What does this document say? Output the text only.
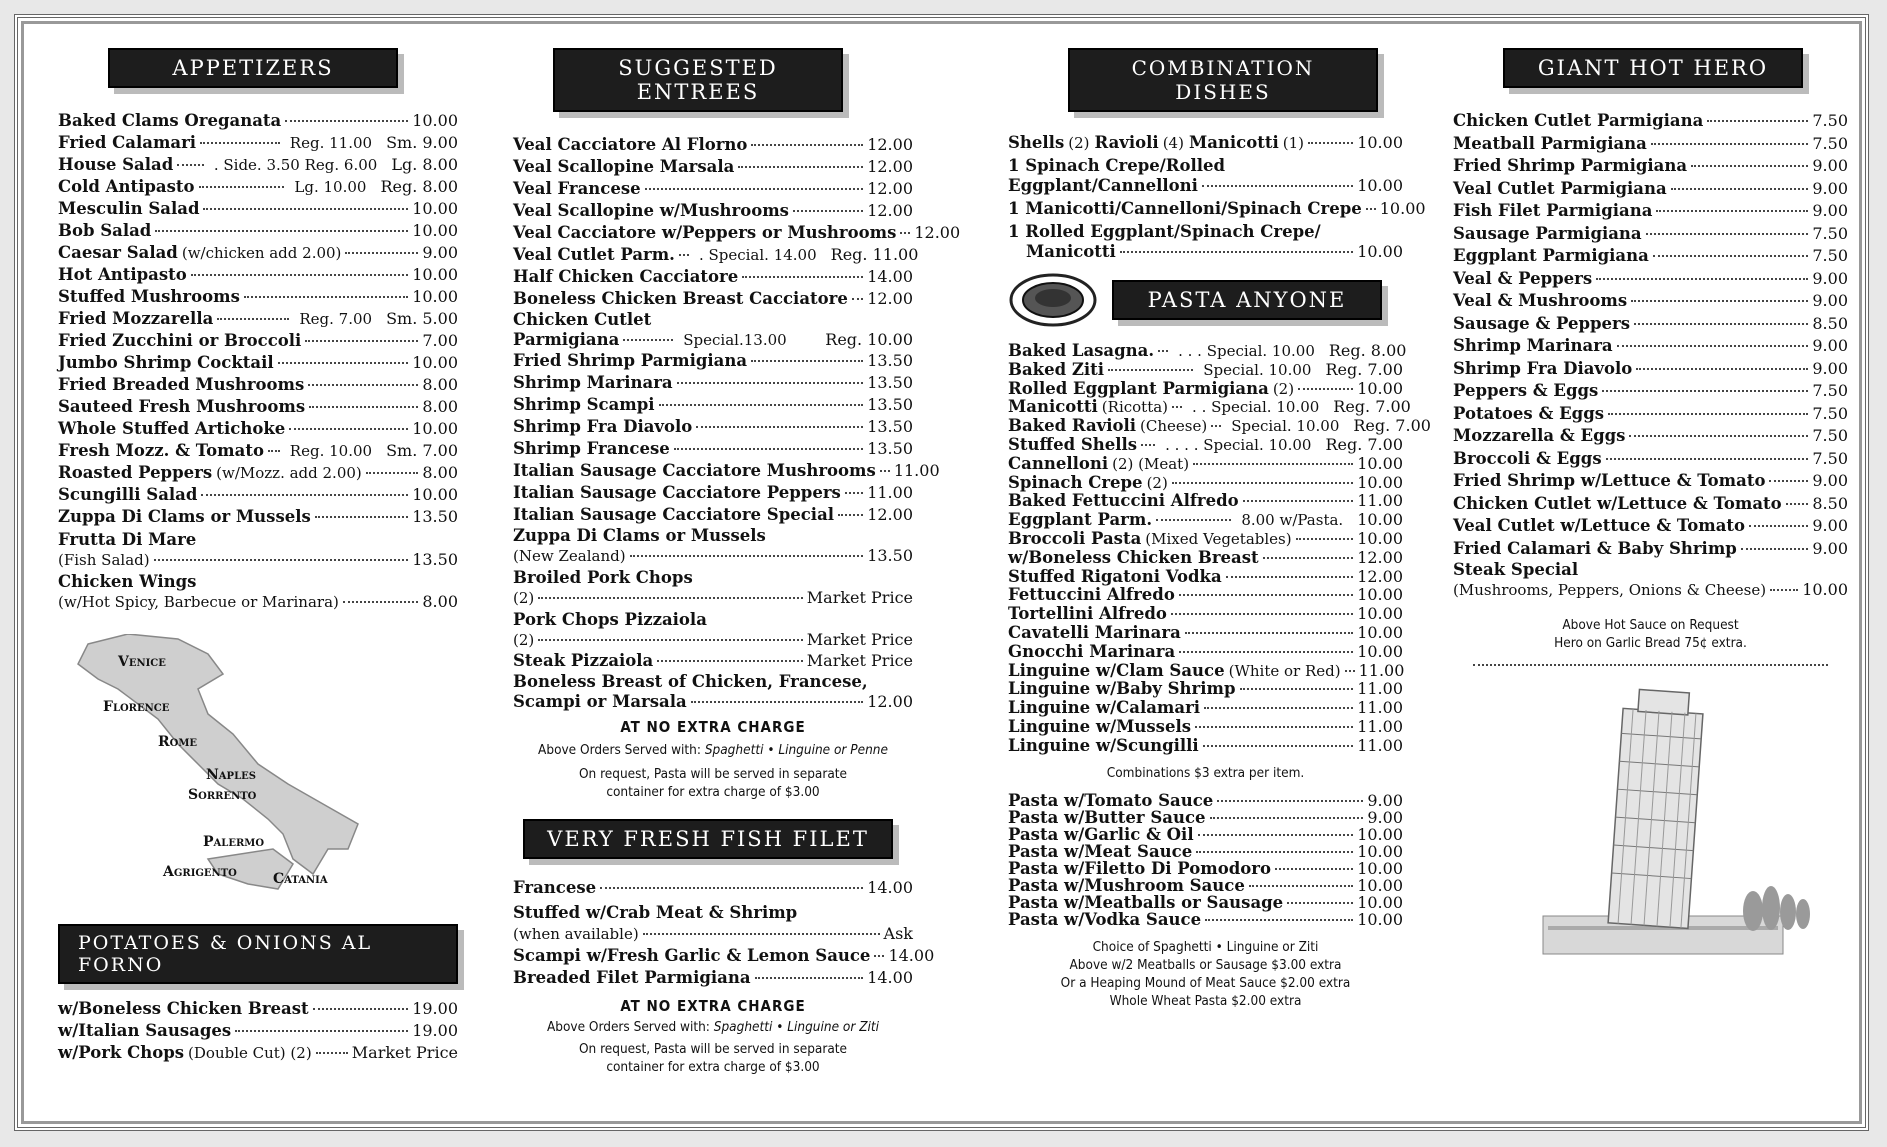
APPETIZERS
Baked Clams Oreganata	10.00
Fried Calamari	Reg. 11.00 Sm. 9.00
House Salad	. Side. 3.50 Reg. 6.00 Lg. 8.00
Cold Antipasto	Lg. 10.00 Reg. 8.00
Mesculin Salad	10.00
Bob Salad	10.00
Caesar Salad (w/chicken add 2.00)	9.00
Hot Antipasto	10.00
Stuffed Mushrooms	10.00
Fried Mozzarella	Reg. 7.00 Sm. 5.00
Fried Zucchini or Broccoli	7.00
Jumbo Shrimp Cocktail	10.00
Fried Breaded Mushrooms	8.00
Sauteed Fresh Mushrooms	8.00
Whole Stuffed Artichoke	10.00
Fresh Mozz. & Tomato Reg. 10.00 Sm. 7.00
Roasted Peppers (w/Mozz. add 2.00)	8.00
Scungilli Salad	10.00
Zuppa Di Clams or Mussels	13.50
Frutta Di Mare
(Fish Salad)	13.50
Chicken Wings
(w/Hot Spicy, Barbecue or Marinara)	8.00
Venice
Florence
Rome
Naples
Sorrento
Palermo
Agrigento	Catania
POTATOES & ONIONS AL FORNO
w/Boneless Chicken Breast	19.00
w/Italian Sausages	19.00
w/Pork Chops (Double Cut) (2)	Market Price
SUGGESTED ENTREES
Veal Cacciatore Al Florno	12.00
Veal Scallopine Marsala	12.00
Veal Francese	12.00
Veal Scallopine w/Mushrooms	12.00
Veal Cacciatore w/Peppers or Mushrooms 12.00
Veal Cutlet Parm. . Special. 14.00 Reg. 11.00
Half Chicken Cacciatore	14.00
Boneless Chicken Breast Cacciatore 12.00
Chicken Cutlet
Parmigiana	Special.13.00 Reg. 10.00
Fried Shrimp Parmigiana	13.50
Shrimp Marinara	13.50
Shrimp Scampi	13.50
Shrimp Fra Diavolo	13.50
Shrimp Francese	13.50
Italian Sausage Cacciatore Mushrooms 11.00
Italian Sausage Cacciatore Peppers 11.00
Italian Sausage Cacciatore Special 12.00
Zuppa Di Clams or Mussels
(New Zealand)	13.50
Broiled Pork Chops
(2)	Market Price
Pork Chops Pizzaiola
(2)	Market Price
Steak Pizzaiola	Market Price
Boneless Breast of Chicken, Francese,
Scampi or Marsala	12.00
AT NO EXTRA CHARGE
Above Orders Served with: Spaghetti • Linguine or Penne
On request, Pasta will be served in separate
container for extra charge of $3.00
VERY FRESH FISH FILET
Francese	14.00
Stuffed w/Crab Meat & Shrimp
(when available)	Ask
Scampi w/Fresh Garlic & Lemon Sauce 14.00
Breaded Filet Parmigiana	14.00
AT NO EXTRA CHARGE
Above Orders Served with: Spaghetti • Linguine or Ziti
On request, Pasta will be served in separate
container for extra charge of $3.00
COMBINATION DISHES
Shells (2) Ravioli (4) Manicotti (1)	10.00
1 Spinach Crepe/Rolled
Eggplant/Cannelloni	10.00
1 Manicotti/Cannelloni/Spinach Crepe 10.00
1 Rolled Eggplant/Spinach Crepe/
Manicotti	10.00
PASTA ANYONE
Baked Lasagna. . . . Special. 10.00 Reg. 8.00
Baked Ziti	Special. 10.00 Reg. 7.00
Rolled Eggplant Parmigiana (2)	10.00
Manicotti (Ricotta) . . Special. 10.00 Reg. 7.00
Baked Ravioli (Cheese) Special. 10.00 Reg. 7.00
Stuffed Shells . . . . Special. 10.00 Reg. 7.00
Cannelloni (2) (Meat)	10.00
Spinach Crepe (2)	10.00
Baked Fettuccini Alfredo	11.00
Eggplant Parm.	8.00 w/Pasta. 10.00
Broccoli Pasta (Mixed Vegetables)	10.00
w/Boneless Chicken Breast	12.00
Stuffed Rigatoni Vodka	12.00
Fettuccini Alfredo	10.00
Tortellini Alfredo	10.00
Cavatelli Marinara	10.00
Gnocchi Marinara	10.00
Linguine w/Clam Sauce (White or Red) 11.00
Linguine w/Baby Shrimp	11.00
Linguine w/Calamari	11.00
Linguine w/Mussels	11.00
Linguine w/Scungilli	11.00
Combinations $3 extra per item.
Pasta w/Tomato Sauce	9.00
Pasta w/Butter Sauce	9.00
Pasta w/Garlic & Oil	10.00
Pasta w/Meat Sauce	10.00
Pasta w/Filetto Di Pomodoro	10.00
Pasta w/Mushroom Sauce	10.00
Pasta w/Meatballs or Sausage	10.00
Pasta w/Vodka Sauce	10.00
Choice of Spaghetti • Linguine or Ziti
Above w/2 Meatballs or Sausage $3.00 extra
Or a Heaping Mound of Meat Sauce $2.00 extra
Whole Wheat Pasta $2.00 extra
GIANT HOT HERO
Chicken Cutlet Parmigiana	7.50
Meatball Parmigiana	7.50
Fried Shrimp Parmigiana	9.00
Veal Cutlet Parmigiana	9.00
Fish Filet Parmigiana	9.00
Sausage Parmigiana	7.50
Eggplant Parmigiana	7.50
Veal & Peppers	9.00
Veal & Mushrooms	9.00
Sausage & Peppers	8.50
Shrimp Marinara	9.00
Shrimp Fra Diavolo	9.00
Peppers & Eggs	7.50
Potatoes & Eggs	7.50
Mozzarella & Eggs	7.50
Broccoli & Eggs	7.50
Fried Shrimp w/Lettuce & Tomato	9.00
Chicken Cutlet w/Lettuce & Tomato 8.50
Veal Cutlet w/Lettuce & Tomato	9.00
Fried Calamari & Baby Shrimp	9.00
Steak Special
(Mushrooms, Peppers, Onions & Cheese) 10.00
Above Hot Sauce on Request
Hero on Garlic Bread 75¢ extra.
